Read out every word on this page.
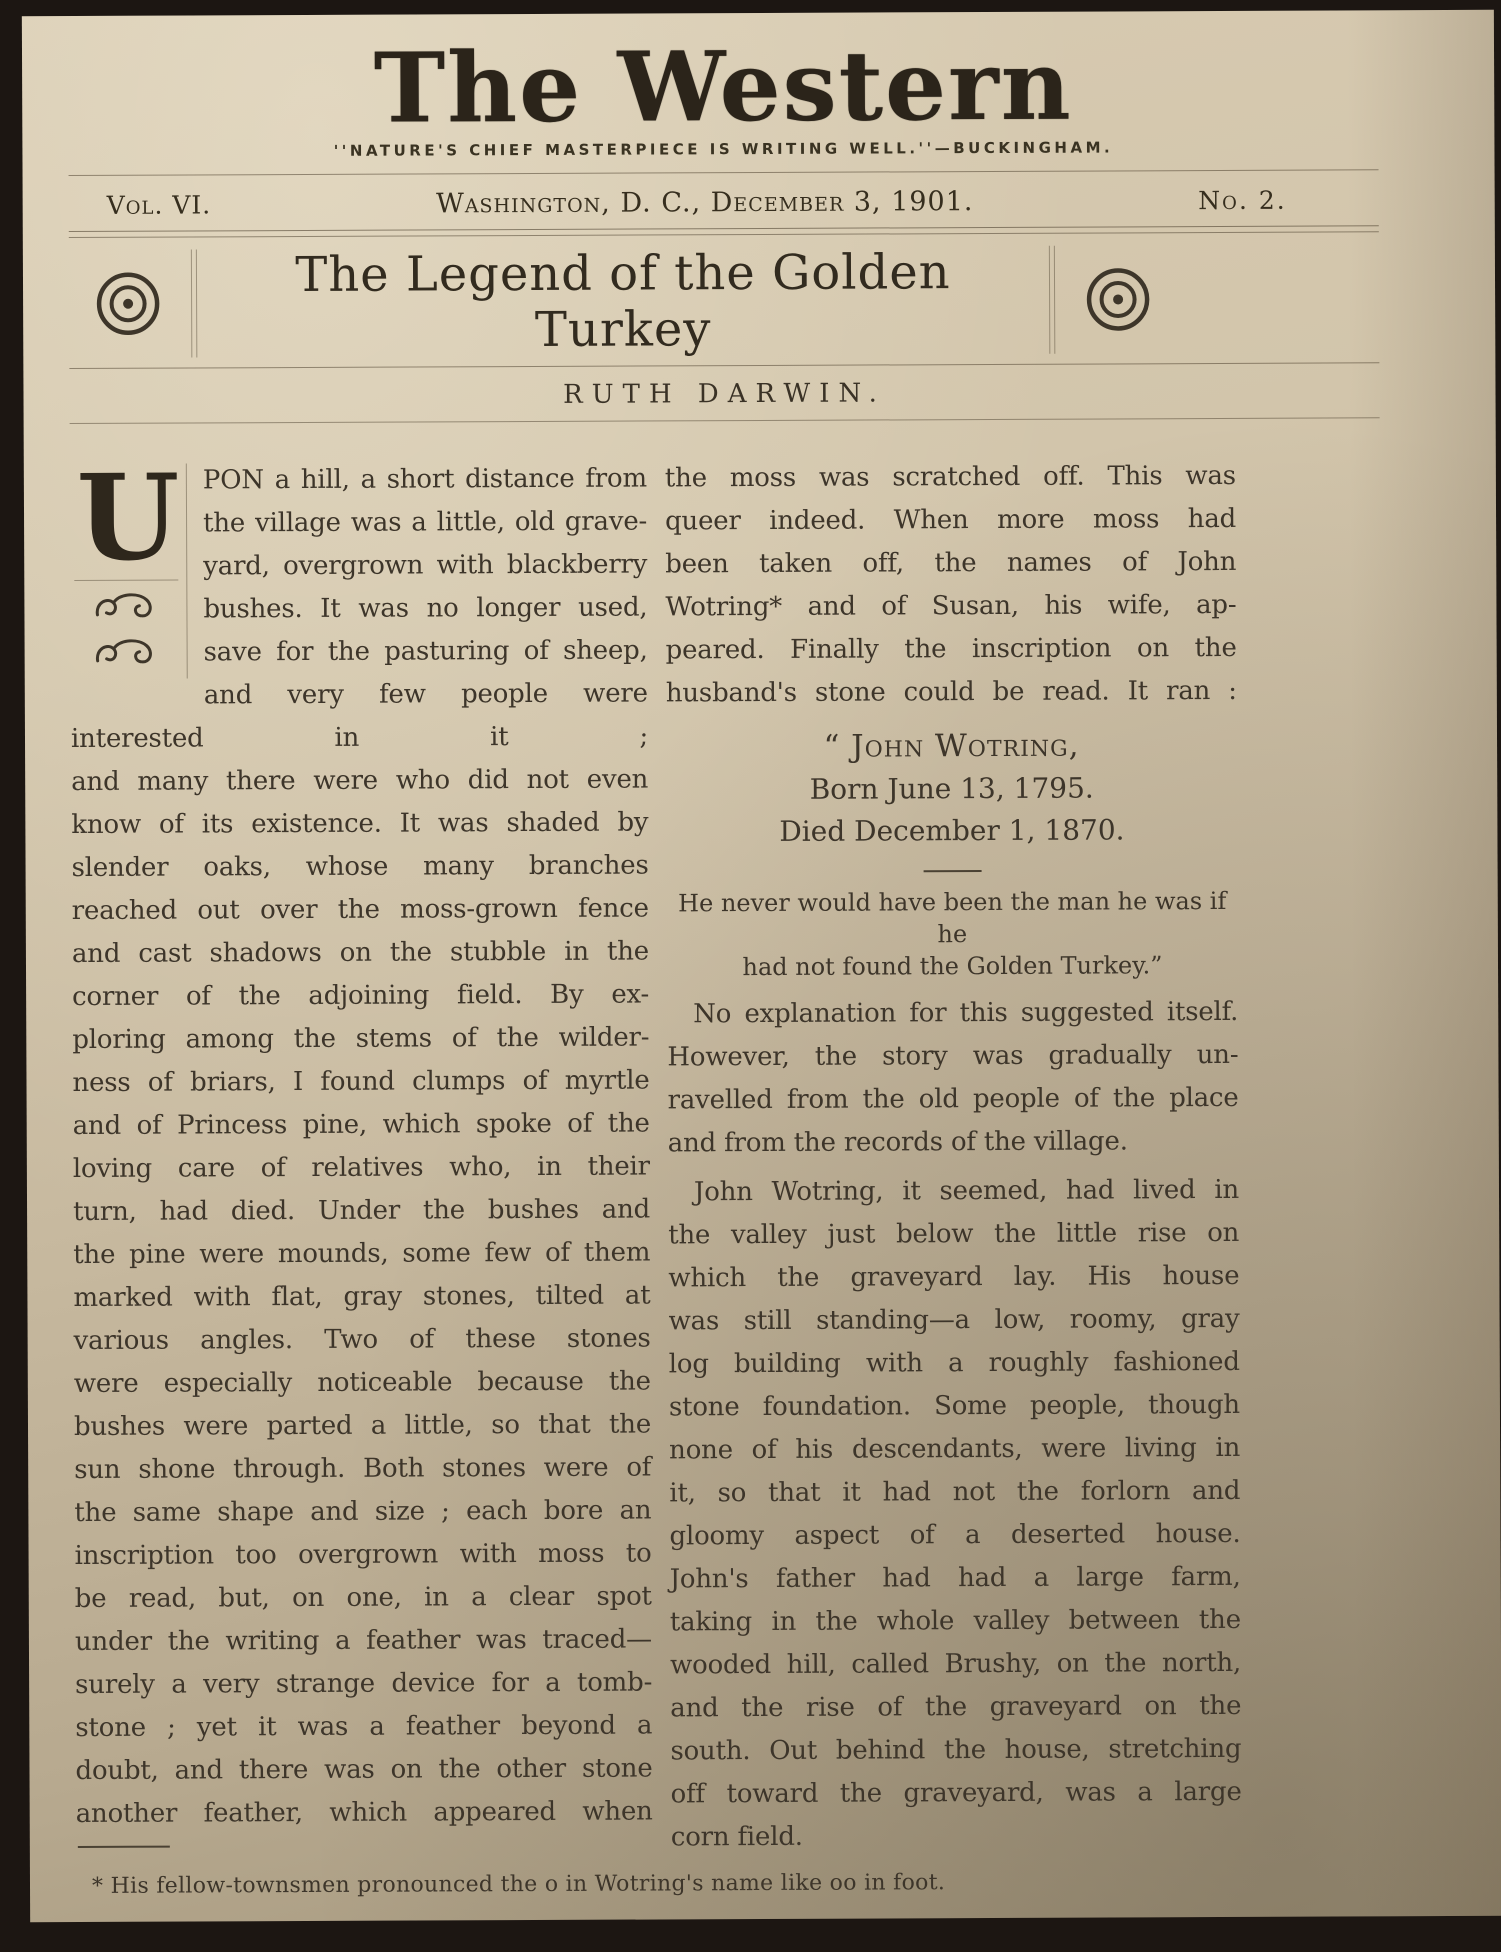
The Western
''NATURE'S CHIEF MASTERPIECE IS WRITING WELL.''—BUCKINGHAM.
Vol. VI.	Washington, D. C., December 3, 1901.	No. 2.
The Legend of the Golden Turkey
RUTH DARWIN.
U PON a hill, a short distance from
the village was a little, old grave-
yard, overgrown with blackberry
bushes. It was no longer used,
save for the pasturing of sheep,
and very few people were interested in it ;
and many there were who did not even
know of its existence. It was shaded by
slender oaks, whose many branches
reached out over the moss-grown fence
and cast shadows on the stubble in the
corner of the adjoining field. By ex-
ploring among the stems of the wilder-
ness of briars, I found clumps of myrtle
and of Princess pine, which spoke of the
loving care of relatives who, in their
turn, had died. Under the bushes and
the pine were mounds, some few of them
marked with flat, gray stones, tilted at
various angles. Two of these stones
were especially noticeable because the
bushes were parted a little, so that the
sun shone through. Both stones were of
the same shape and size ; each bore an
inscription too overgrown with moss to
be read, but, on one, in a clear spot
under the writing a feather was traced—
surely a very strange device for a tomb-
stone ; yet it was a feather beyond a
doubt, and there was on the other stone
another feather, which appeared when
the moss was scratched off. This was
queer indeed. When more moss had
been taken off, the names of John
Wotring* and of Susan, his wife, ap-
peared. Finally the inscription on the
husband's stone could be read. It ran :
“ John Wotring,
Born June 13, 1795.
Died December 1, 1870.
He never would have been the man he was if he
had not found the Golden Turkey.”
No explanation for this suggested itself.
However, the story was gradually un-
ravelled from the old people of the place
and from the records of the village.
John Wotring, it seemed, had lived in
the valley just below the little rise on
which the graveyard lay. His house
was still standing—a low, roomy, gray
log building with a roughly fashioned
stone foundation. Some people, though
none of his descendants, were living in
it, so that it had not the forlorn and
gloomy aspect of a deserted house.
John's father had had a large farm,
taking in the whole valley between the
wooded hill, called Brushy, on the north,
and the rise of the graveyard on the
south. Out behind the house, stretching
off toward the graveyard, was a large
corn field.
* His fellow-townsmen pronounced the o in Wotring's name like oo in foot.
